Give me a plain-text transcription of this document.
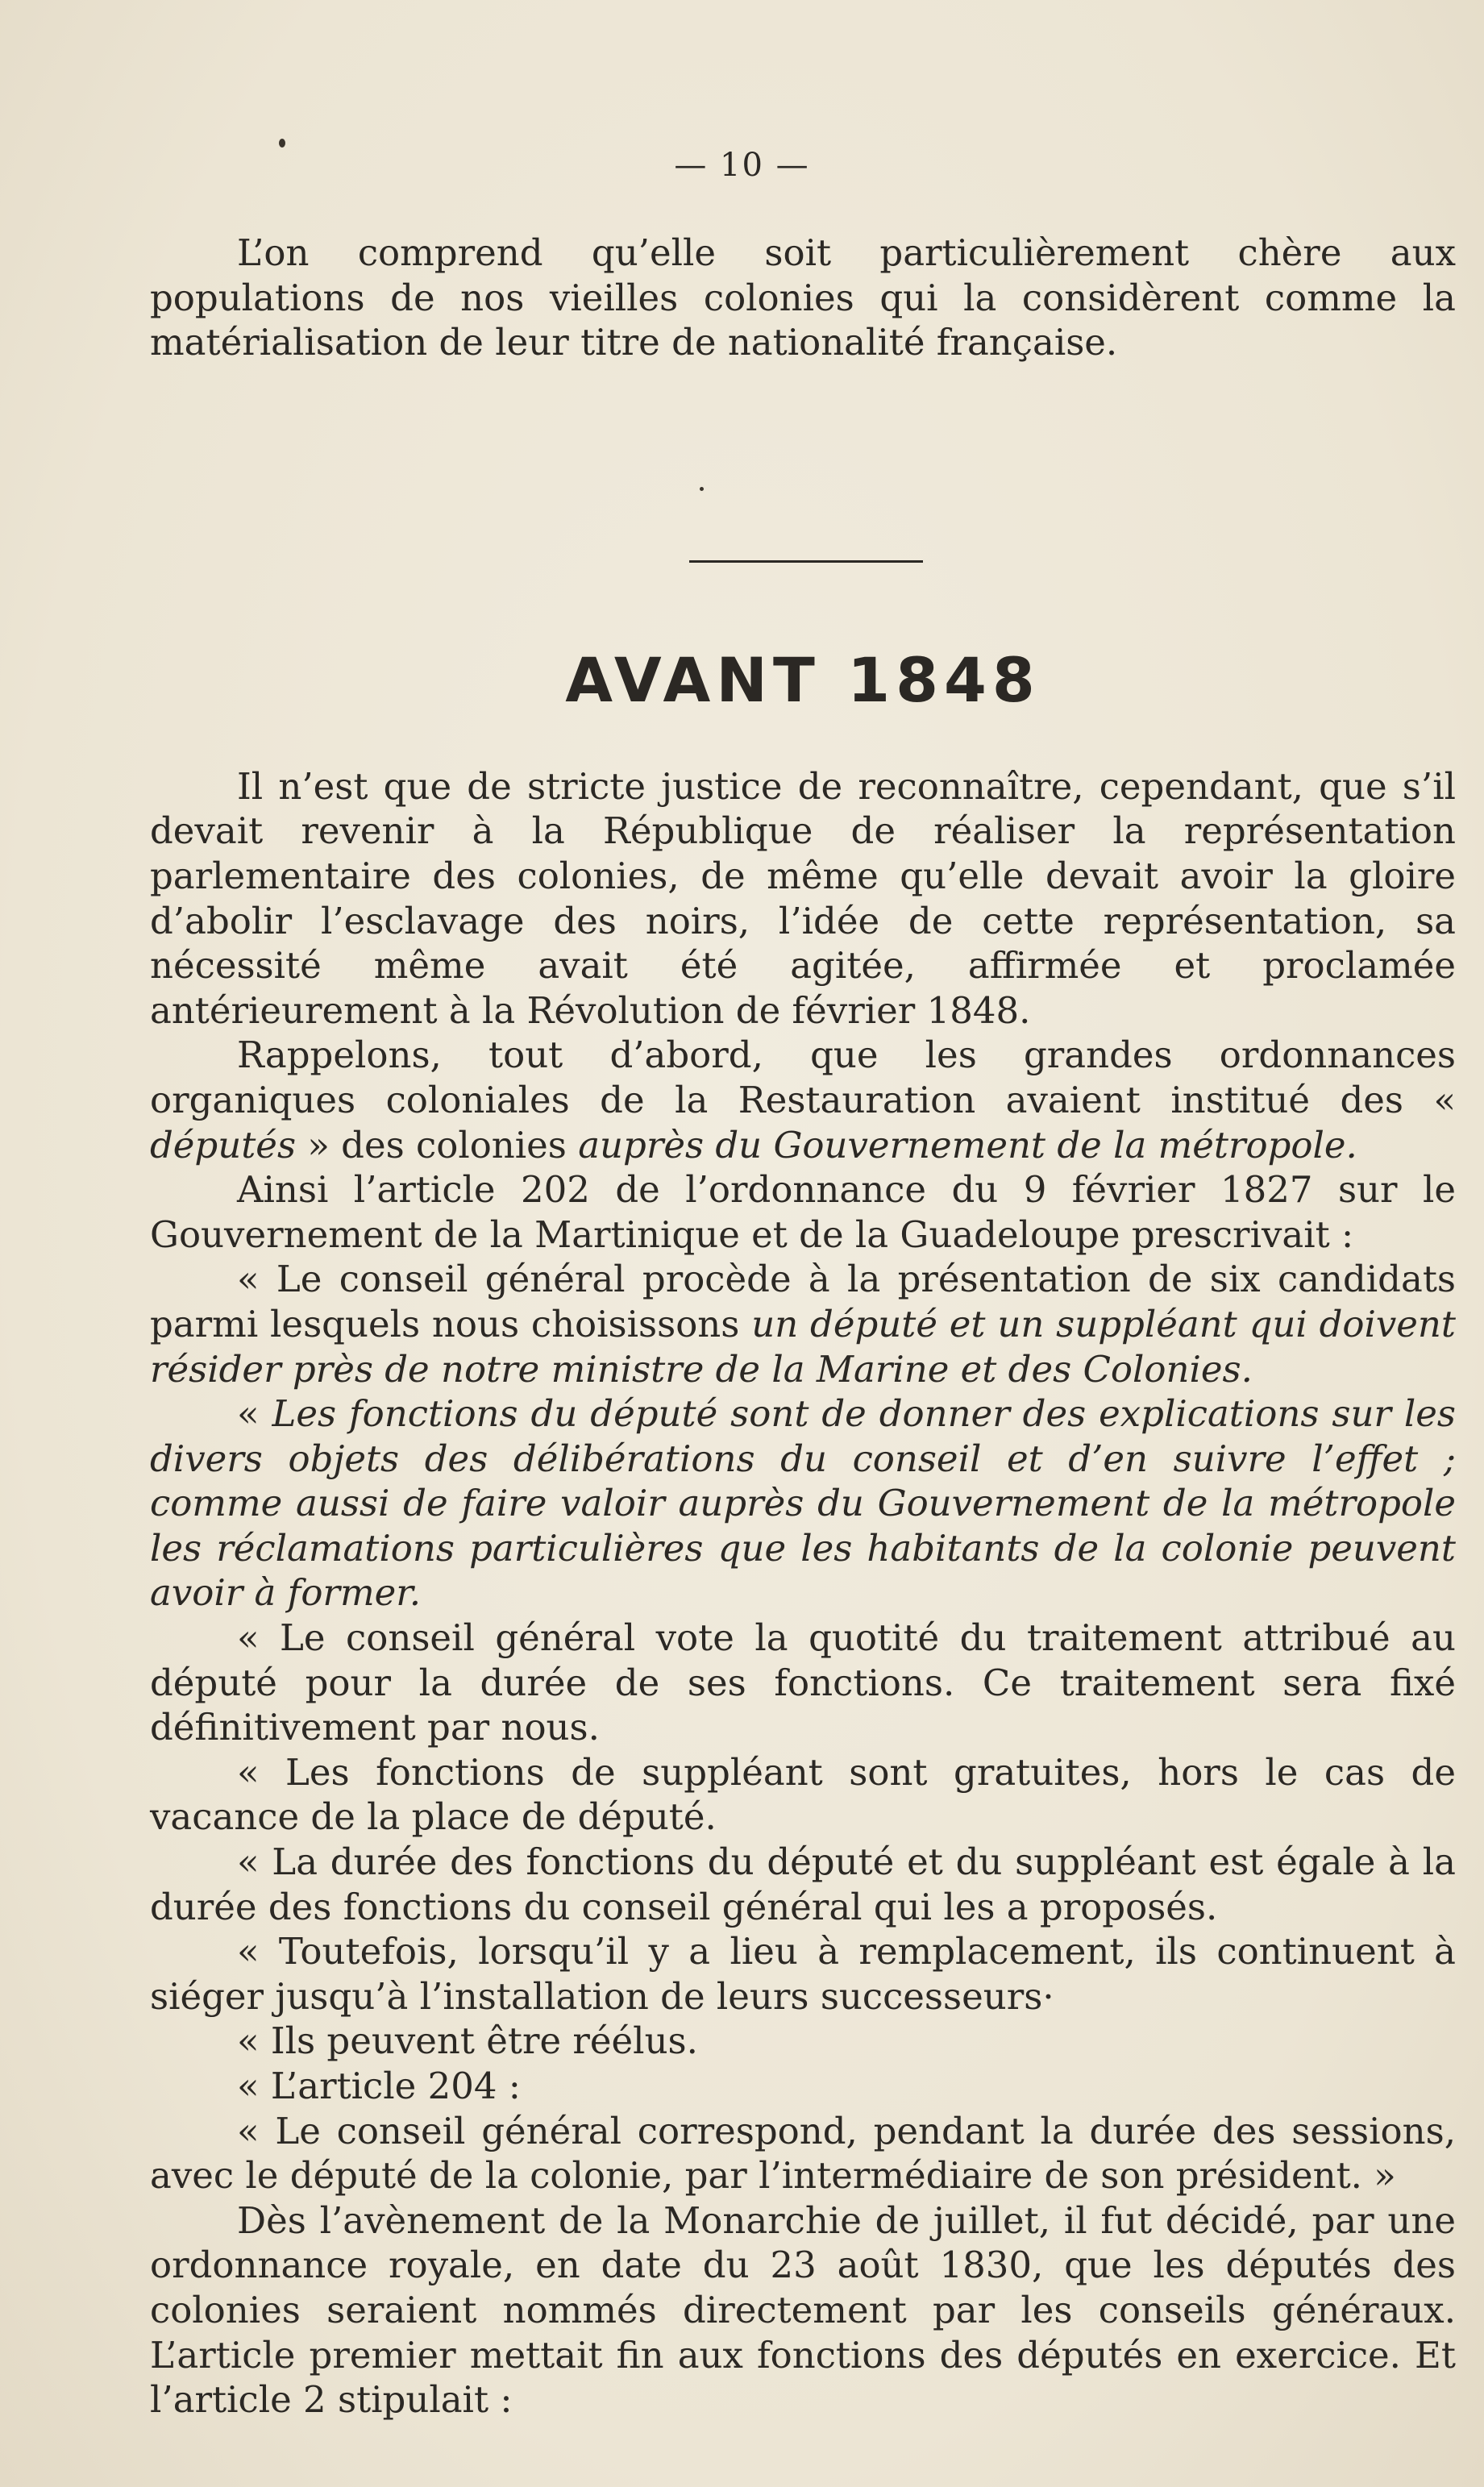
— 10 —

L’on comprend qu’elle soit particulièrement chère aux populations de nos vieilles colonies qui la considèrent comme la matérialisation de leur titre de nationalité française.

AVANT 1848

Il n’est que de stricte justice de reconnaître, cependant, que s’il devait revenir à la République de réaliser la représentation parlementaire des colonies, de même qu’elle devait avoir la gloire d’abolir l’esclavage des noirs, l’idée de cette représentation, sa nécessité même avait été agitée, affirmée et proclamée antérieurement à la Révolution de février 1848.

Rappelons, tout d’abord, que les grandes ordonnances organiques coloniales de la Restauration avaient institué des « députés » des colonies auprès du Gouvernement de la métropole.

Ainsi l’article 202 de l’ordonnance du 9 février 1827 sur le Gouvernement de la Martinique et de la Guadeloupe prescrivait :

« Le conseil général procède à la présentation de six candidats parmi lesquels nous choisissons un député et un suppléant qui doivent résider près de notre ministre de la Marine et des Colonies.

« Les fonctions du député sont de donner des explications sur les divers objets des délibérations du conseil et d’en suivre l’effet ; comme aussi de faire valoir auprès du Gouvernement de la métropole les réclamations particulières que les habitants de la colonie peuvent avoir à former.

« Le conseil général vote la quotité du traitement attribué au député pour la durée de ses fonctions. Ce traitement sera fixé définitivement par nous.

« Les fonctions de suppléant sont gratuites, hors le cas de vacance de la place de député.

« La durée des fonctions du député et du suppléant est égale à la durée des fonctions du conseil général qui les a proposés.

« Toutefois, lorsqu’il y a lieu à remplacement, ils continuent à siéger jusqu’à l’installation de leurs successeurs·

« Ils peuvent être réélus.

« L’article 204 :

« Le conseil général correspond, pendant la durée des sessions, avec le député de la colonie, par l’intermédiaire de son président. »

Dès l’avènement de la Monarchie de juillet, il fut décidé, par une ordonnance royale, en date du 23 août 1830, que les députés des colonies seraient nommés directement par les conseils généraux. L’article premier mettait fin aux fonctions des députés en exercice. Et l’article 2 stipulait :
